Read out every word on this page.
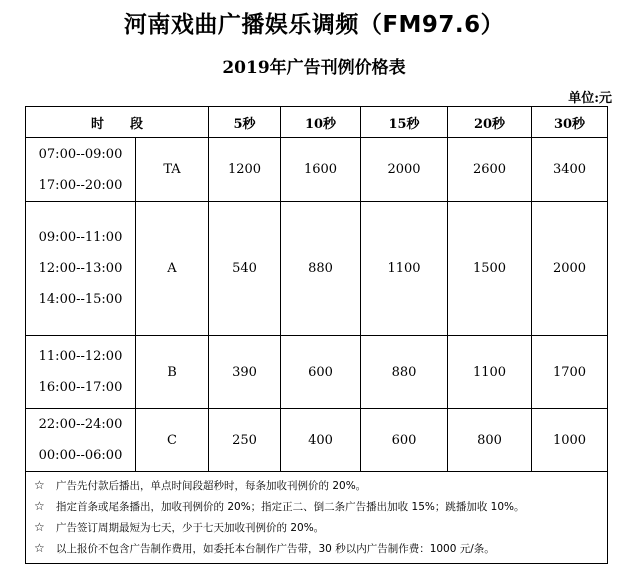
河南戏曲广播娱乐调频（FM97.6）
2019年广告刊例价格表
单位:元
时　　段		5秒	10秒	15秒	20秒	30秒

07:00--09:00
17:00--20:00	TA	1200	1600	2000	2600	3400

09:00--11:00
12:00--13:00
14:00--15:00	A	540	880	1100	1500	2000

11:00--12:00
16:00--17:00	B	390	600	880	1100	1700

22:00--24:00
00:00--06:00	C	250	400	600	800	1000

☆ 广告先付款后播出，单点时间段超秒时，每条加收刊例价的 20%。
☆ 指定首条或尾条播出，加收刊例价的 20%；指定正二、倒二条广告播出加收 15%；跳播加收 10%。
☆ 广告签订周期最短为七天，少于七天加收刊例价的 20%。
☆ 以上报价不包含广告制作费用，如委托本台制作广告带，30 秒以内广告制作费：1000 元/条。						
